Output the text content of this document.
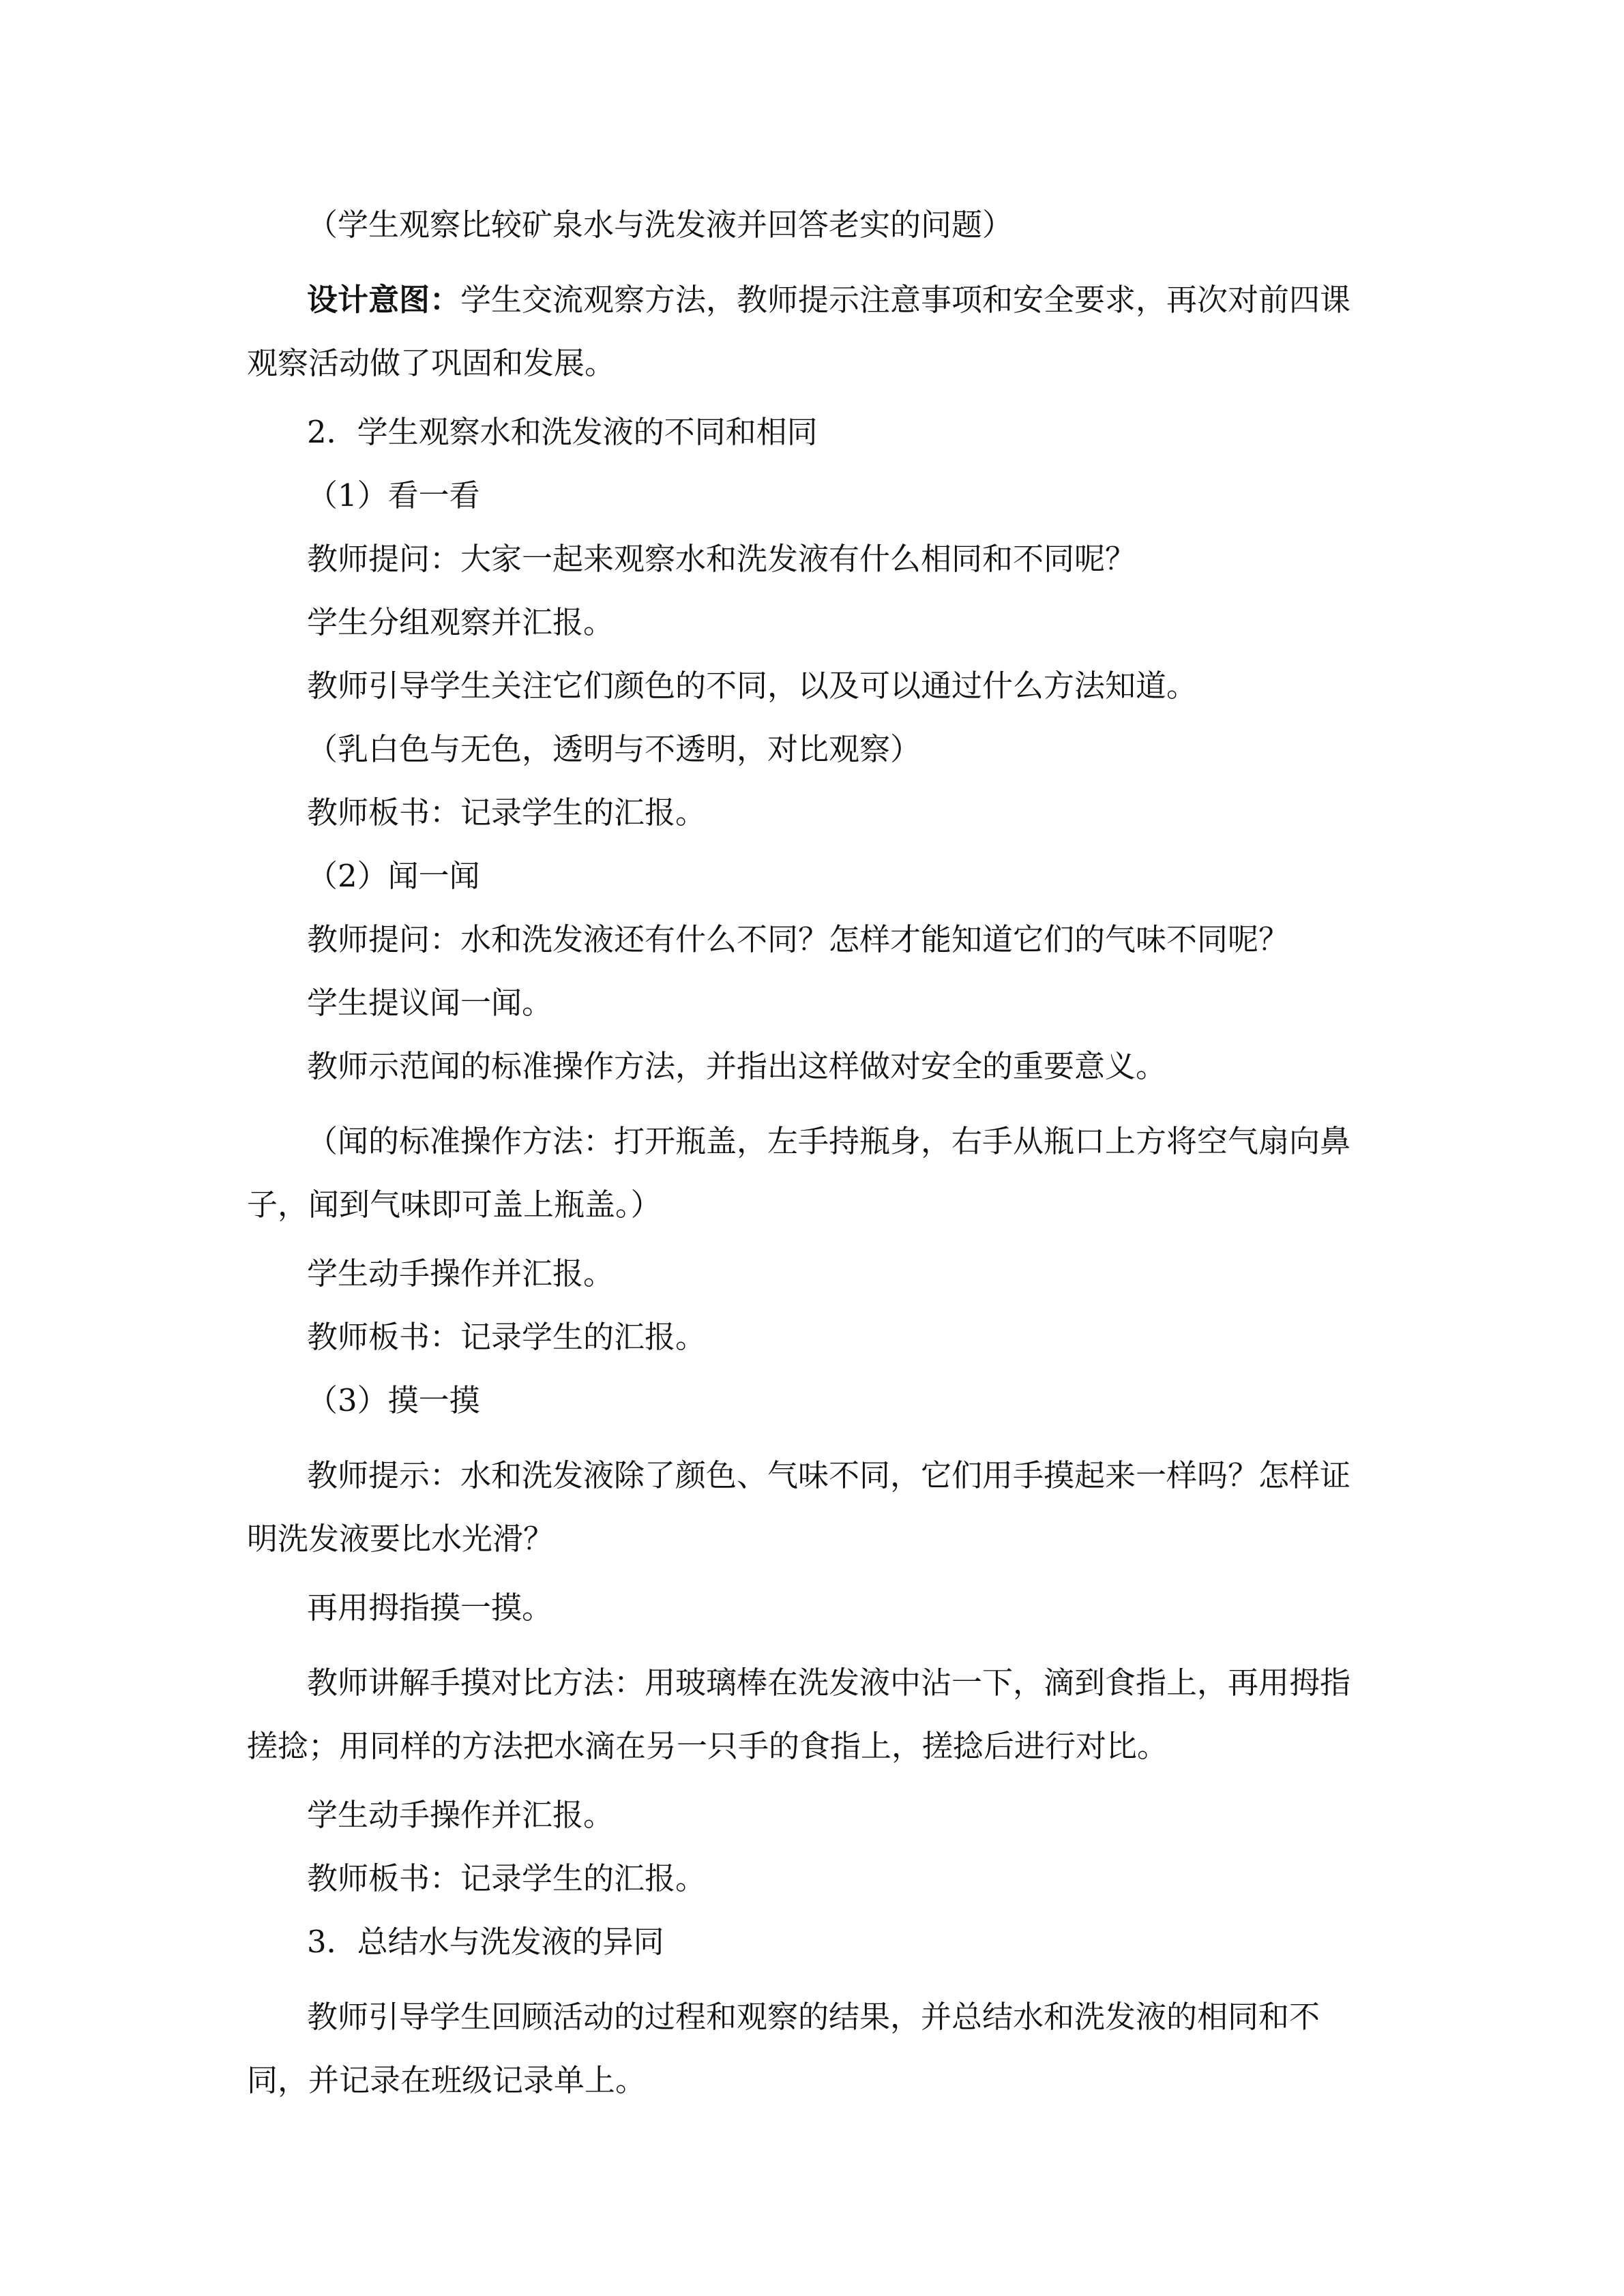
（学生观察比较矿泉水与洗发液并回答老实的问题）

设计意图：学生交流观察方法，教师提示注意事项和安全要求，再次对前四课观察活动做了巩固和发展。

2．学生观察水和洗发液的不同和相同

（1）看一看

教师提问：大家一起来观察水和洗发液有什么相同和不同呢？

学生分组观察并汇报。

教师引导学生关注它们颜色的不同，以及可以通过什么方法知道。

（乳白色与无色，透明与不透明，对比观察）

教师板书：记录学生的汇报。

（2）闻一闻

教师提问：水和洗发液还有什么不同？怎样才能知道它们的气味不同呢？

学生提议闻一闻。

教师示范闻的标准操作方法，并指出这样做对安全的重要意义。

（闻的标准操作方法：打开瓶盖，左手持瓶身，右手从瓶口上方将空气扇向鼻子，闻到气味即可盖上瓶盖。）

学生动手操作并汇报。

教师板书：记录学生的汇报。

（3）摸一摸

教师提示：水和洗发液除了颜色、气味不同，它们用手摸起来一样吗？怎样证明洗发液要比水光滑？

再用拇指摸一摸。

教师讲解手摸对比方法：用玻璃棒在洗发液中沾一下，滴到食指上，再用拇指搓捻；用同样的方法把水滴在另一只手的食指上，搓捻后进行对比。

学生动手操作并汇报。

教师板书：记录学生的汇报。

3．总结水与洗发液的异同

教师引导学生回顾活动的过程和观察的结果，并总结水和洗发液的相同和不同，并记录在班级记录单上。
